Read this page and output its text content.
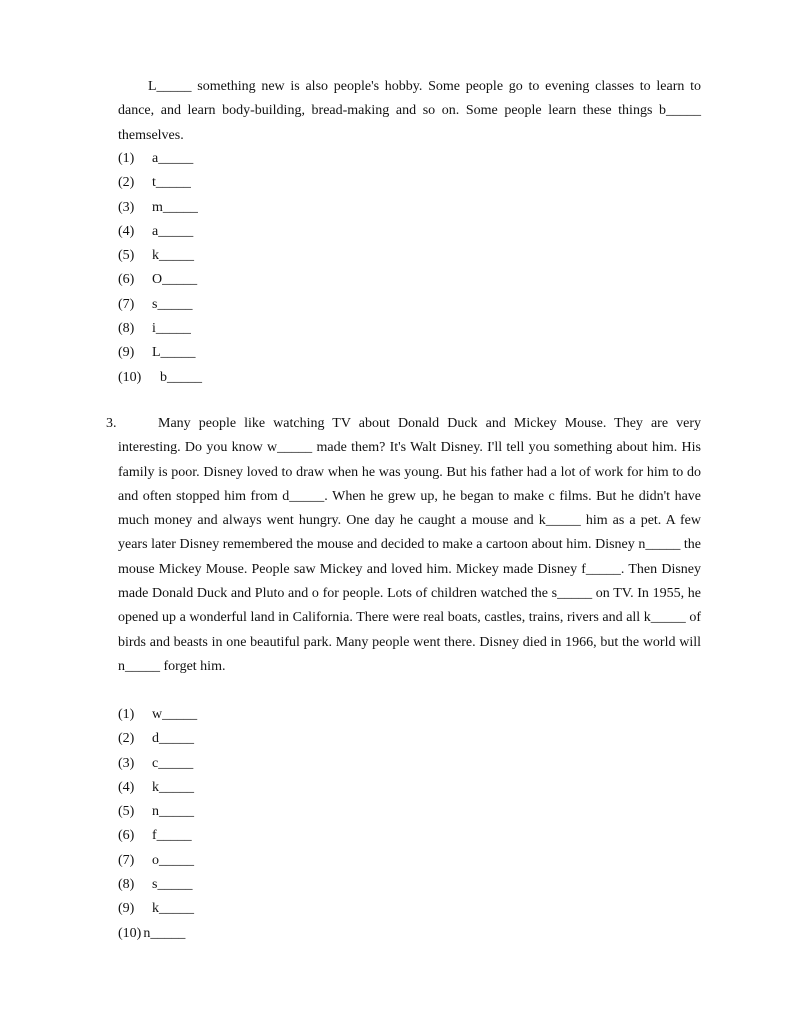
L_____ something new is also people's hobby. Some people go to evening classes to learn to dance, and learn body-building, bread-making and so on. Some people learn these things b_____ themselves.

(1) a_____
(2) t_____
(3) m_____
(4) a_____
(5) k_____
(6) O_____
(7) s_____
(8) i_____
(9) L_____
(10) b_____
3.	Many people like watching TV about Donald Duck and Mickey Mouse. They are very interesting. Do you know w_____ made them? It's Walt Disney. I'll tell you something about him. His family is poor. Disney loved to draw when he was young. But his father had a lot of work for him to do and often stopped him from d_____. When he grew up, he began to make c films. But he didn't have much money and always went hungry. One day he caught a mouse and k_____ him as a pet. A few years later Disney remembered the mouse and decided to make a cartoon about him. Disney n_____ the mouse Mickey Mouse. People saw Mickey and loved him. Mickey made Disney f_____. Then Disney made Donald Duck and Pluto and o for people. Lots of children watched the s_____ on TV. In 1955, he opened up a wonderful land in California. There were real boats, castles, trains, rivers and all k_____ of birds and beasts in one beautiful park. Many people went there. Disney died in 1966, but the world will n_____ forget him.

(1) w_____
(2) d_____
(3) c_____
(4) k_____
(5) n_____
(6) f_____
(7) o_____
(8) s_____
(9) k_____
(10) n_____
